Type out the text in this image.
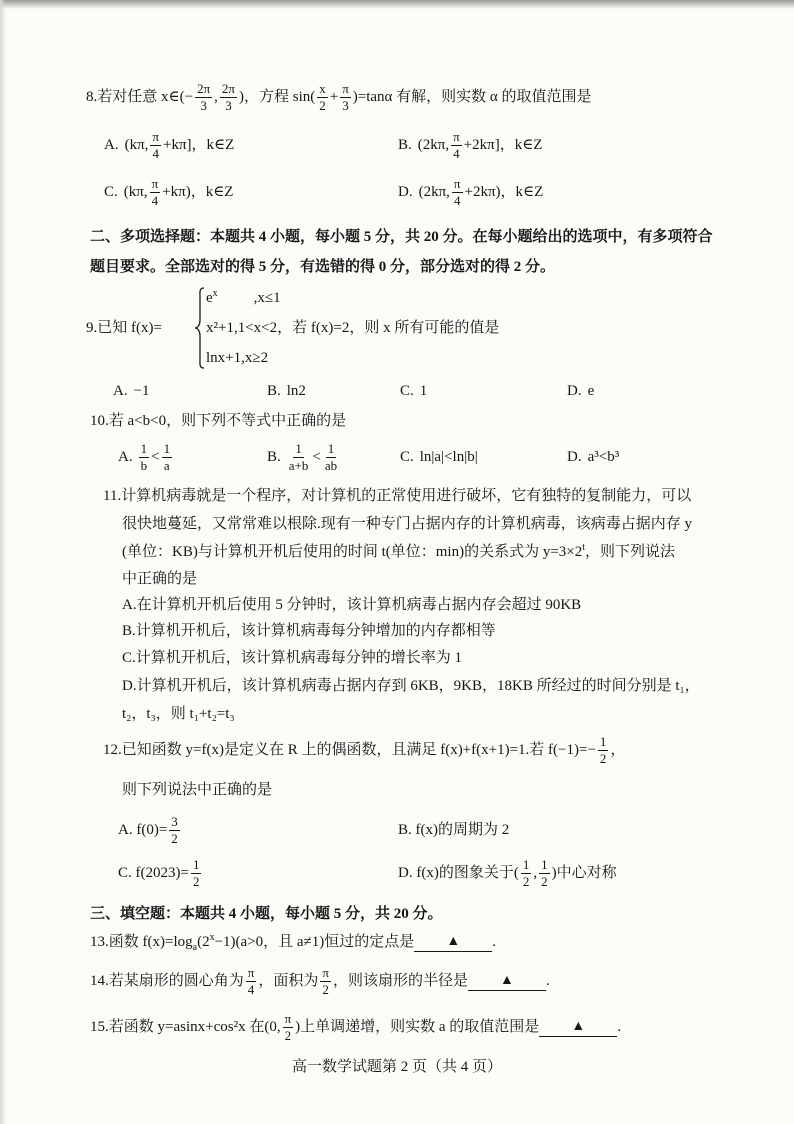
8. 若对任意 x∈(− $\frac{2\pi}{3}$ , $\frac{2\pi}{3}$ )，方程 $\sin( \frac{x}{2} + \frac{\pi}{3} )=\tan\alpha$ 有解，则实数 α 的取值范围是
A. (kπ, $\frac{\pi}{4} +k\pi$]，k∈Z	B. (2kπ, $\frac{\pi}{4} +2k\pi$]，k∈Z
C. (kπ, $\frac{\pi}{4} +k\pi$)，k∈Z	D. (2kπ, $\frac{\pi}{4} +2k\pi$)，k∈Z
二、多项选择题：本题共 4 小题，每小题 5 分，共 20 分。在每小题给出的选项中，有多项符合
题目要求。全部选对的得 5 分，有选错的得 0 分，部分选对的得 2 分。
9. 已知 f(x)=
$e^x$ ,x≤1
x²+1,1<x<2 ，若 f(x)=2，则 x 所有可能的值是
lnx+1,x≥2
A. −1	B. ln2	C. 1	D. e
10. 若 a<b<0，则下列不等式中正确的是
A. $\frac{1}{b} < \frac{1}{a}$	B. $\frac{1}{a+b} < \frac{1}{ab}$	C. ln|a|<ln|b|	D. a³<b³
11. 计算机病毒就是一个程序，对计算机的正常使用进行破坏，它有独特的复制能力，可以
很快地蔓延，又常常难以根除.现有一种专门占据内存的计算机病毒，该病毒占据内存 y
(单位：KB)与计算机开机后使用的时间 t(单位：min)的关系式为 $y=3\times 2^t$，则下列说法
中正确的是
A.在计算机开机后使用 5 分钟时，该计算机病毒占据内存会超过 90KB
B.计算机开机后，该计算机病毒每分钟增加的内存都相等
C.计算机开机后，该计算机病毒每分钟的增长率为 1
D.计算机开机后，该计算机病毒占据内存到 6KB，9KB，18KB 所经过的时间分别是 t₁，
t₂，t₃，则 t₁+t₂=t₃
12. 已知函数 y=f(x)是定义在 R 上的偶函数，且满足 f(x)+f(x+1)=1.若 $f(-1)=- \frac{1}{2}$ ，
则下列说法中正确的是
A. $f(0)= \frac{3}{2}$	B. f(x)的周期为 2
C. $f(2023)= \frac{1}{2}$	D. f(x)的图象关于( $\frac{1}{2}$ , $\frac{1}{2}$ )中心对称
三、填空题：本题共 4 小题，每小题 5 分，共 20 分。
13. 函数 $f(x)=\log_a(2^x-1)(a>0$，且 a≠1)恒过的定点是	▲	.
14. 若某扇形的圆心角为 $\frac{\pi}{4}$ ，面积为 $\frac{\pi}{2}$ ，则该扇形的半径是	▲	.
15. 若函数 y=asinx+cos²x 在(0, $\frac{\pi}{2}$ )上单调递增，则实数 a 的取值范围是	▲	.
高一数学试题第 2 页（共 4 页）
